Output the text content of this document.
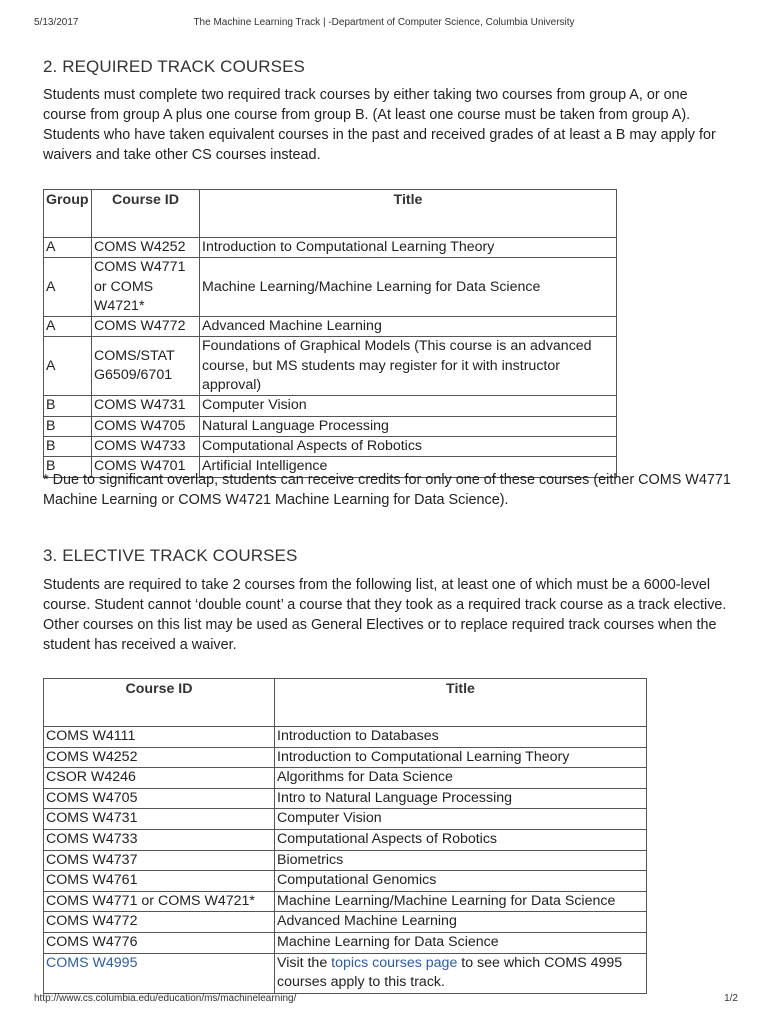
5/13/2017	The Machine Learning Track | -Department of Computer Science, Columbia University
2. REQUIRED TRACK COURSES
Students must complete two required track courses by either taking two courses from group A, or one course from group A plus one course from group B. (At least one course must be taken from group A). Students who have taken equivalent courses in the past and received grades of at least a B may apply for waivers and take other CS courses instead.
Group	Course ID	Title
A	COMS W4252	Introduction to Computational Learning Theory
A	COMS W4771 or COMS W4721*	Machine Learning/Machine Learning for Data Science
A	COMS W4772	Advanced Machine Learning
A	COMS/STAT G6509/6701	Foundations of Graphical Models (This course is an advanced course, but MS students may register for it with instructor approval)
B	COMS W4731	Computer Vision
B	COMS W4705	Natural Language Processing
B	COMS W4733	Computational Aspects of Robotics
B	COMS W4701	Artificial Intelligence
* Due to significant overlap, students can receive credits for only one of these courses (either COMS W4771 Machine Learning or COMS W4721 Machine Learning for Data Science).
3. ELECTIVE TRACK COURSES
Students are required to take 2 courses from the following list, at least one of which must be a 6000-level course. Student cannot ‘double count’ a course that they took as a required track course as a track elective. Other courses on this list may be used as General Electives or to replace required track courses when the student has received a waiver.
Course ID	Title
COMS W4111	Introduction to Databases
COMS W4252	Introduction to Computational Learning Theory
CSOR W4246	Algorithms for Data Science
COMS W4705	Intro to Natural Language Processing
COMS W4731	Computer Vision
COMS W4733	Computational Aspects of Robotics
COMS W4737	Biometrics
COMS W4761	Computational Genomics
COMS W4771 or COMS W4721*	Machine Learning/Machine Learning for Data Science
COMS W4772	Advanced Machine Learning
COMS W4776	Machine Learning for Data Science
COMS W4995	Visit the topics courses page to see which COMS 4995 courses apply to this track.
http://www.cs.columbia.edu/education/ms/machinelearning/	1/2
